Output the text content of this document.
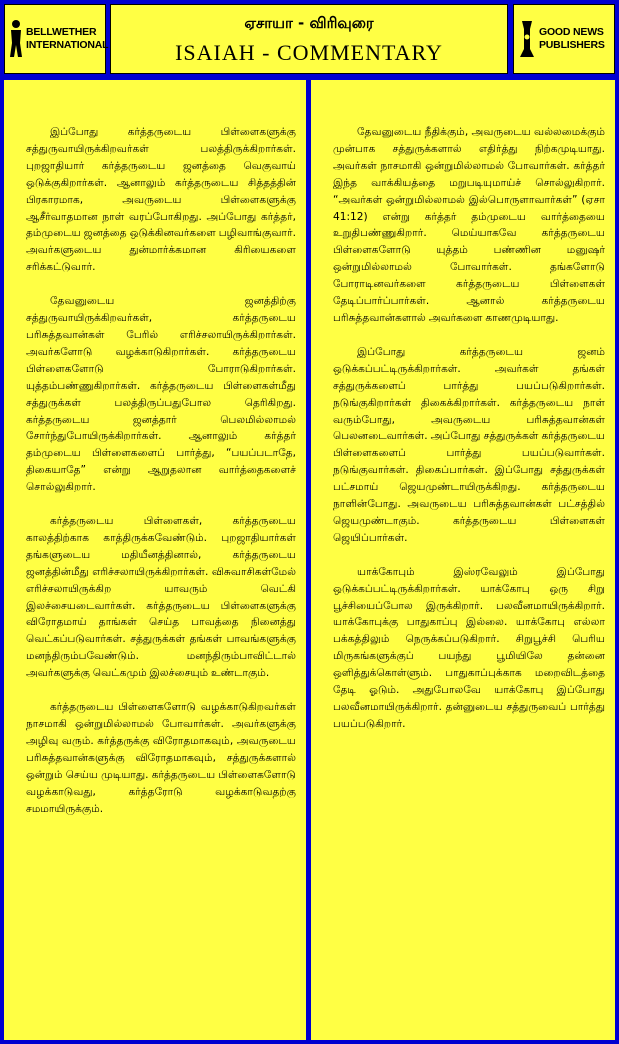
BELLWETHER
INTERNATIONAL
ஏசாயா - விரிவுரை
ISAIAH - COMMENTARY
GOOD NEWS
PUBLISHERS

இப்போது கர்த்தருடைய பிள்ளைகளுக்கு சத்துருவாயிருக்கிறவர்கள் பலத்திருக்கிறார்கள். புறஜாதியார் கர்த்தருடைய ஜனத்தை வெகுவாய் ஒடுக்குகிறார்கள். ஆனாலும் கர்த்தருடைய சித்தத்தின் பிரகாரமாக, அவருடைய பிள்ளைகளுக்கு ஆசீர்வாதமான நாள் வரப்போகிறது. அப்போது கர்த்தர், தம்முடைய ஜனத்தை ஒடுக்கினவர்களை பழிவாங்குவார். அவர்களுடைய துன்மார்க்கமான கிரியைகளை சரிக்கட்டுவார்.

தேவனுடைய ஜனத்திற்கு சத்துருவாயிருக்கிறவர்கள், கர்த்தருடைய பரிசுத்தவான்கள் பேரில் எரிச்சலாயிருக்கிறார்கள். அவர்களோடு வழக்காடுகிறார்கள். கர்த்தருடைய பிள்ளைகளோடு போராடுகிறார்கள். யுத்தம்பண்ணுகிறார்கள். கர்த்தருடைய பிள்ளைகள்மீது சத்துருக்கள் பலத்திருப்பதுபோல தெரிகிறது. கர்த்தருடைய ஜனத்தார் பெலமில்லாமல் சோர்ந்துபோயிருக்கிறார்கள். ஆனாலும் கர்த்தர் தம்முடைய பிள்ளைகளைப் பார்த்து, “பயப்படாதே, திகையாதே” என்று ஆறுதலான வார்த்தைகளைச் சொல்லுகிறார்.

கர்த்தருடைய பிள்ளைகள், கர்த்தருடைய காலத்திற்காக காத்திருக்கவேண்டும். புறஜாதியார்கள் தங்களுடைய மதியீனத்தினால், கர்த்தருடைய ஜனத்தின்மீது எரிச்சலாயிருக்கிறார்கள். விசுவாசிகள்மேல் எரிச்சலாயிருக்கிற யாவரும் வெட்கி இலச்சையடைவார்கள். கர்த்தருடைய பிள்ளைகளுக்கு விரோதமாய் தாங்கள் செய்த பாவத்தை நினைத்து வெட்கப்படுவார்கள். சத்துருக்கள் தங்கள் பாவங்களுக்கு மனந்திரும்பவேண்டும். மனந்திரும்பாவிட்டால் அவர்களுக்கு வெட்கமும் இலச்சையும் உண்டாகும்.

கர்த்தருடைய பிள்ளைகளோடு வழக்காடுகிறவர்கள் நாசமாகி ஒன்றுமில்லாமல் போவார்கள். அவர்களுக்கு அழிவு வரும். கர்த்தருக்கு விரோதமாகவும், அவருடைய பரிசுத்தவான்களுக்கு விரோதமாகவும், சத்துருக்களால் ஒன்றும் செய்ய முடியாது. கர்த்தருடைய பிள்ளைகளோடு வழக்காடுவது, கர்த்தரோடு வழக்காடுவதற்கு சமமாயிருக்கும்.

தேவனுடைய நீதிக்கும், அவருடைய வல்லமைக்கும் முன்பாக சத்துருக்களால் எதிர்த்து நிற்கமுடியாது. அவர்கள் நாசமாகி ஒன்றுமில்லாமல் போவார்கள். கர்த்தர் இந்த வாக்கியத்தை மறுபடியுமாய்ச் சொல்லுகிறார். “அவர்கள் ஒன்றுமில்லாமல் இல்பொருளாவார்கள்” (ஏசா 41:12) என்று கர்த்தர் தம்முடைய வார்த்தையை உறுதிபண்ணுகிறார். மெய்யாகவே கர்த்தருடைய பிள்ளைகளோடு யுத்தம் பண்ணின மனுஷர் ஒன்றுமில்லாமல் போவார்கள். தங்களோடு போராடினவர்களை கர்த்தருடைய பிள்ளைகள் தேடிப்பார்ப்பார்கள். ஆனால் கர்த்தருடைய பரிசுத்தவான்களால் அவர்களை காணமுடியாது.

இப்போது கர்த்தருடைய ஜனம் ஒடுக்கப்பட்டிருக்கிறார்கள். அவர்கள் தங்கள் சத்துருக்களைப் பார்த்து பயப்படுகிறார்கள். நடுங்குகிறார்கள் திகைக்கிறார்கள். கர்த்தருடைய நாள் வரும்போது, அவருடைய பரிசுத்தவான்கள் பெலனடைவார்கள். அப்போது சத்துருக்கள் கர்த்தருடைய பிள்ளைகளைப் பார்த்து பயப்படுவார்கள். நடுங்குவார்கள். திகைப்பார்கள். இப்போது சத்துருக்கள் பட்சமாய் ஜெயமுண்டாயிருக்கிறது. கர்த்தருடைய நாளின்போது. அவருடைய பரிசுத்தவான்கள் பட்சத்தில் ஜெயமுண்டாகும். கர்த்தருடைய பிள்ளைகள் ஜெயிப்பார்கள்.

யாக்கோபும் இஸ்ரவேலும் இப்போது ஒடுக்கப்பட்டிருக்கிறார்கள். யாக்கோபு ஒரு சிறு பூச்சியைப்போல இருக்கிறார். பலவீனமாயிருக்கிறார். யாக்கோபுக்கு பாதுகாப்பு இல்லை. யாக்கோபு எல்லா பக்கத்திலும் நெருக்கப்படுகிறார். சிறுபூச்சி பெரிய மிருகங்களுக்குப் பயந்து பூமியிலே தன்னை ஒளித்துக்கொள்ளும். பாதுகாப்புக்காக மறைவிடத்தை தேடி ஓடும். அதுபோலவே யாக்கோபு இப்போது பலவீனமாயிருக்கிறார். தன்னுடைய சத்துருவைப் பார்த்து பயப்படுகிறார்.
